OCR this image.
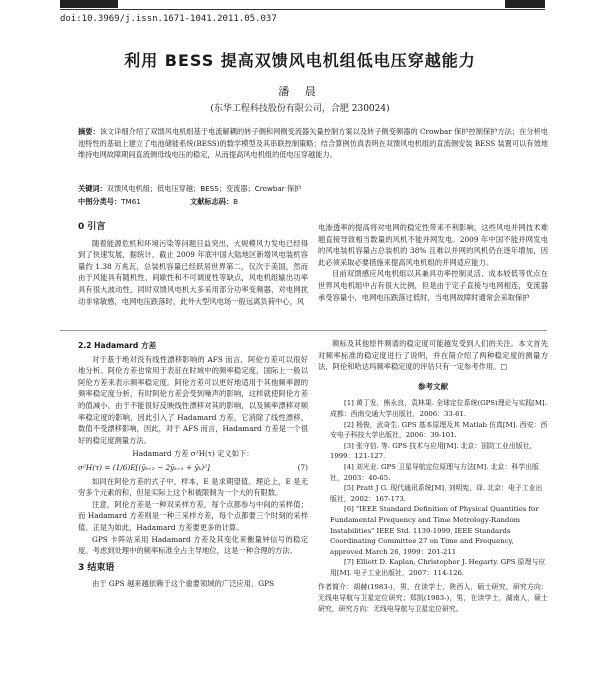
doi:10.3969/j.issn.1671-1041.2011.05.037
利用 BESS 提高双馈风电机组低电压穿越能力
潘 晨
(东华工程科技股份有限公司，合肥 230024)
摘要：该文详细介绍了双馈风电机组基于电流解耦的转子侧和网侧变流器矢量控制方案以及转子侧变频器的 Crowbar 保护控制保护方法；在分析电池特性的基础上建立了电池储能系统(BESS)的数学模型及其串联控制策略；结合算例仿真表明在双馈风电机组的直流侧安装 BESS 装置可以有效地维持电网故障期间直流侧母线电压的稳定，从而提高风电机组的低电压穿越能力。
关键词：双馈风电机组；低电压穿越；BESS；变流器；Crowbar 保护
中图分类号：TM61	文献标志码：B
0 引言

随着能源危机和环境污染等问题日益突出，大规模风力发电已经得到了快速发展，据统计，截止 2009 年底中国大陆地区新增风电装机容量约 1.38 万兆瓦，总装机容量已经跃居世界第二，仅次于美国，然而由于风能具有随机性、间歇性和不可调度性等缺点，风电机组输出功率具有很大波动性，同时双馈风电机大多采用部分功率变频器，对电网扰动非常敏感，电网电压跌落时，此外大型风电场一般远离负荷中心，风

电渗透率的提高将对电网的稳定性带来不利影响，这些风电并网技术难题直接导致相当数量的风机不能并网发电。2009 年中国不能并网发电的风电装机容量占总装机的 38% 且难以并网的风机仍在逐年增加，因此必须采取必要措施来提高风电机组的并网适应能力。

目前双馈感应风电机组以其兼具功率控制灵活、成本较低等优点在世界风电机组中占有很大比例，但是由于定子直接与电网相连，变流器承受容量小，电网电压跌落过低时，当电网故障时通常会采取保护

2.2 Hadamard 方差

对于基于绝对没有线性漂移影响的 AFS 而言，阿伦方差可以很好地分析。阿伦方差也常用于表征在时域中的频率稳定度，国际上一般以阿伦方差来表示频率稳定度。阿伦方差可以更好地适用于其他频率源的频率稳定度分析，有时阿伦方差会受到噪声的影响，这样就使阿伦方差的值减小，由于不能很好反映线性漂移对其的影响，以及频率漂移对频率稳定度的影响，因此引入了 Hadamard 方差，它消除了线性漂移，数值不受漂移影响，因此，对于 AFS 而言，Hadamard 方差是一个很好的稳定度测量方法。

Hadamard 方差 σ²H(τ) 定义如下：
σ²H(τ) = (1/6)E[(ȳₖ₊₂ − 2ȳₖ₊₁ + ȳₖ)²]	(7)

如同在阿伦方差的式子中，样本，E 是求期望值。理论上，E 是无穷多个元素的和，但是实际上这个和被限制为一个大的有限数。

注意，阿伦方差是一种双采样方差，每个点都参与中间的采样值；而 Hadamard 方差则是一种三采样方差，每个点都要三个时刻的采样值。正是为如此，Hadamard 方差要更多的计算。

GPS 卡阵站采用 Hadamard 方差及其变化来衡量钟信号的稳定度。考虑到处理中的频率标准全占主导地位，这是一种合理的方法。

3 结束语

由于 GPS 越来越依赖于这个重要领域的广泛应用，GPS

频标及其他原件频谱的稳定度可能越发受到人们的关注。本文首先对频率标准的稳定度进行了说明，并在简介绍了两种稳定度的测量方法，阿伦和哈达玛频率稳定度的评估只有一定参考作用。□

参考文献

[1] 黄丁发，熊永良，袁林果. 全球定位系统(GPS)理论与实践[M]. 成都：西南交通大学出版社，2006：33-61.

[2] 杨俊，武奇生. GPS 基本原理及其 Matlab 仿真[M]. 西安：西安电子科技大学出版社，2006：39-101.

[3] 张守信. 等. GPS 技术与应用[M]. 北京：国防工业出版社，1999：121-127.

[4] 刘光业. GPS 卫星导航定位原理与方法[M]. 北京：科学出版社，2003：40-65.

[5] Pratt J G. 现代通讯系统[M]. 刘明宪，译. 北京：电子工业出版社，2002：167-173.

[6] "IEEE Standard Definition of Physical Quantities for Fundamental Frequency and Time Metrology-Random Instabilities" IEEE Std. 1139-1999, IEEE Standards Coordinating Committee 27 on Time and Frequency, approved March 26, 1999：201-211

[7] Elliott D. Kaplan, Christopher J. Hegarty. GPS 原理与应用[M]. 电子工业出版社，2007：114-126.

作者简介：胡赫(1983-)，男，在读学士，陕西人，硕士研究，研究方向：无线电导航与卫星定位研究；郑凯(1983-)，男，在读学士，湖南人，硕士研究，研究方向：无线电导航与卫星定位研究。
